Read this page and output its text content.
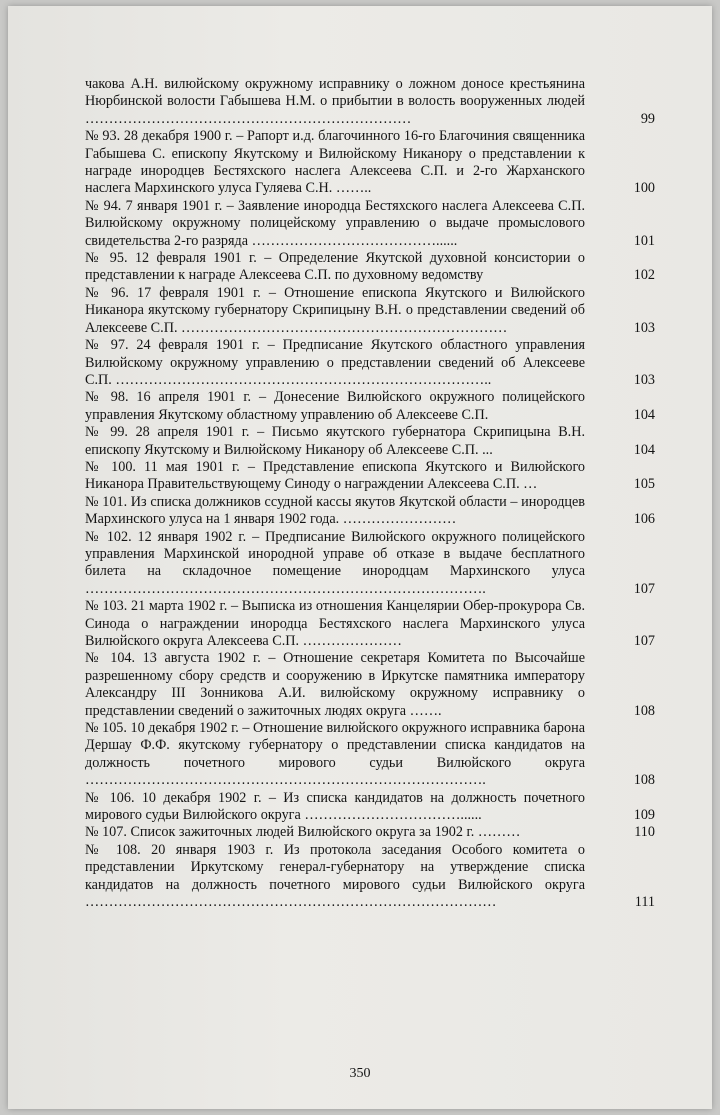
чакова А.Н. вилюйскому окружному исправнику о ложном доносе крестьянина Нюрбинской волости Габышева Н.М. о прибытии в волость вооруженных людей ……………………………………………………………	99
№ 93. 28 декабря 1900 г. – Рапорт и.д. благочинного 16-го Благочиния священника Габышева С. епископу Якутскому и Вилюйскому Никанору о представлении к награде инородцев Бестяхского наслега Алексеева С.П. и 2-го Жарханского наслега Мархинского улуса Гуляева С.Н. ……..	100
№ 94. 7 января 1901 г. – Заявление инородца Бестяхского наслега Алексеева С.П. Вилюйскому окружному полицейскому управлению о выдаче промыслового свидетельства 2-го разряда …………………………………......	101
№ 95. 12 февраля 1901 г. – Определение Якутской духовной консистории о представлении к награде Алексеева С.П. по духовному ведомству	102
№ 96. 17 февраля 1901 г. – Отношение епископа Якутского и Вилюйского Никанора якутскому губернатору Скрипицыну В.Н. о представлении сведений об Алексееве С.П. ……………………………………………………………	103
№ 97. 24 февраля 1901 г. – Предписание Якутского областного управления Вилюйскому окружному управлению о представлении сведений об Алексееве С.П. ……………………………………………………………………..	103
№ 98. 16 апреля 1901 г. – Донесение Вилюйского окружного полицейского управления Якутскому областному управлению об Алексееве С.П.	104
№ 99. 28 апреля 1901 г. – Письмо якутского губернатора Скрипицына В.Н. епископу Якутскому и Вилюйскому Никанору об Алексееве С.П. ...	104
№ 100. 11 мая 1901 г. – Представление епископа Якутского и Вилюйского Никанора Правительствующему Синоду о награждении Алексеева С.П. …	105
№ 101. Из списка должников ссудной кассы якутов Якутской области – инородцев Мархинского улуса на 1 января 1902 года. ……………………	106
№ 102. 12 января 1902 г. – Предписание Вилюйского окружного полицейского управления Мархинской инородной управе об отказе в выдаче бесплатного билета на складочное помещение инородцам Мархинского улуса ………………………………………………………………………….	107
№ 103. 21 марта 1902 г. – Выписка из отношения Канцелярии Обер-прокурора Св. Синода о награждении инородца Бестяхского наслега Мархинского улуса Вилюйского округа Алексеева С.П. …………………	107
№ 104. 13 августа 1902 г. – Отношение секретаря Комитета по Высочайше разрешенному сбору средств и сооружению в Иркутске памятника императору Александру III Зонникова А.И. вилюйскому окружному исправнику о представлении сведений о зажиточных людях округа …….	108
№ 105. 10 декабря 1902 г. – Отношение вилюйского окружного исправника барона Дершау Ф.Ф. якутскому губернатору о представлении списка кандидатов на должность почетного мирового судьи Вилюйского округа ………………………………………………………………………….	108
№ 106. 10 декабря 1902 г. – Из списка кандидатов на должность почетного мирового судьи Вилюйского округа ……………………………......	109
№ 107. Список зажиточных людей Вилюйского округа за 1902 г. ………	110
№ 108. 20 января 1903 г. Из протокола заседания Особого комитета о представлении Иркутскому генерал-губернатору на утверждение списка кандидатов на должность почетного мирового судьи Вилюйского округа ……………………………………………………………………………	111
350
